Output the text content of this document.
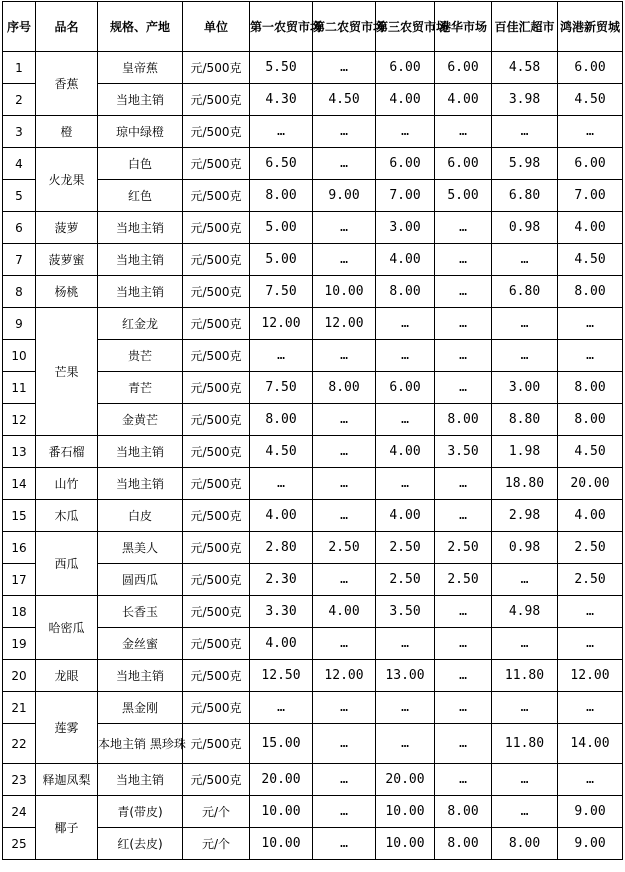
序号	品名	规格、产地	单位	第一农贸市场	第二农贸市场	第三农贸市场	港华市场	百佳汇超市	鸿港新贸城
1	香蕉	皇帝蕉	元/500克	5.50	…	6.00	6.00	4.58	6.00
2		当地主销	元/500克	4.30	4.50	4.00	4.00	3.98	4.50
3	橙	琼中绿橙	元/500克	…	…	…	…	…	…
4	火龙果	白色	元/500克	6.50	…	6.00	6.00	5.98	6.00
5		红色	元/500克	8.00	9.00	7.00	5.00	6.80	7.00
6	菠萝	当地主销	元/500克	5.00	…	3.00	…	0.98	4.00
7	菠萝蜜	当地主销	元/500克	5.00	…	4.00	…	…	4.50
8	杨桃	当地主销	元/500克	7.50	10.00	8.00	…	6.80	8.00
9	芒果	红金龙	元/500克	12.00	12.00	…	…	…	…
10		贵芒	元/500克	…	…	…	…	…	…
11		青芒	元/500克	7.50	8.00	6.00	…	3.00	8.00
12		金黄芒	元/500克	8.00	…	…	8.00	8.80	8.00
13	番石榴	当地主销	元/500克	4.50	…	4.00	3.50	1.98	4.50
14	山竹	当地主销	元/500克	…	…	…	…	18.80	20.00
15	木瓜	白皮	元/500克	4.00	…	4.00	…	2.98	4.00
16	西瓜	黑美人	元/500克	2.80	2.50	2.50	2.50	0.98	2.50
17		圆西瓜	元/500克	2.30	…	2.50	2.50	…	2.50
18	哈密瓜	长香玉	元/500克	3.30	4.00	3.50	…	4.98	…
19		金丝蜜	元/500克	4.00	…	…	…	…	…
20	龙眼	当地主销	元/500克	12.50	12.00	13.00	…	11.80	12.00
21	莲雾	黑金刚	元/500克	…	…	…	…	…	…
22		本地主销 黑珍珠	元/500克	15.00	…	…	…	11.80	14.00
23	释迦凤梨	当地主销	元/500克	20.00	…	20.00	…	…	…
24	椰子	青(带皮)	元/个	10.00	…	10.00	8.00	…	9.00
25		红(去皮)	元/个	10.00	…	10.00	8.00	8.00	9.00
